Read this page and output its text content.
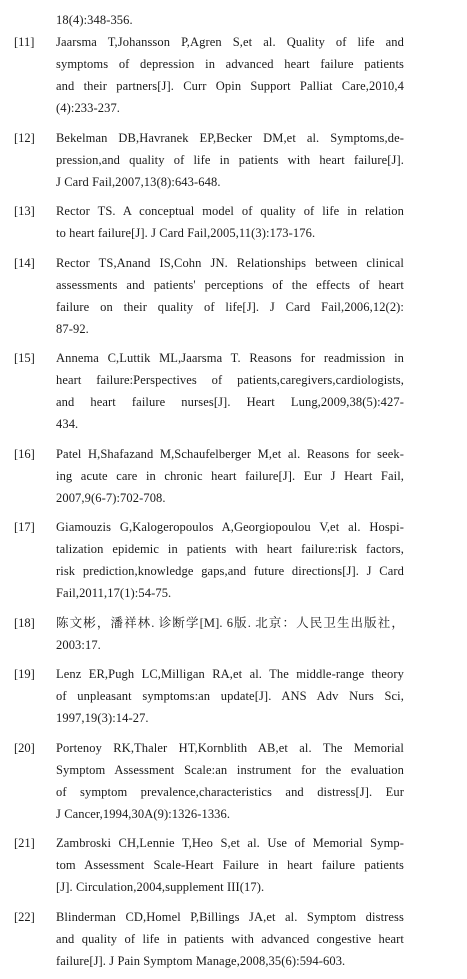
18(4):348-356.
[11] Jaarsma T,Johansson P,Agren S,et al. Quality of life and
symptoms of depression in advanced heart failure patients
and their partners[J]. Curr Opin Support Palliat Care,2010,4
(4):233-237.
[12] Bekelman DB,Havranek EP,Becker DM,et al. Symptoms,de-
pression,and quality of life in patients with heart failure[J].
J Card Fail,2007,13(8):643-648.
[13] Rector TS. A conceptual model of quality of life in relation
to heart failure[J]. J Card Fail,2005,11(3):173-176.
[14] Rector TS,Anand IS,Cohn JN. Relationships between clinical
assessments and patients' perceptions of the effects of heart
failure on their quality of life[J]. J Card Fail,2006,12(2):
87-92.
[15] Annema C,Luttik ML,Jaarsma T. Reasons for readmission in
heart failure:Perspectives of patients,caregivers,cardiologists,
and heart failure nurses[J]. Heart Lung,2009,38(5):427-
434.
[16] Patel H,Shafazand M,Schaufelberger M,et al. Reasons for seek-
ing acute care in chronic heart failure[J]. Eur J Heart Fail,
2007,9(6-7):702-708.
[17] Giamouzis G,Kalogeropoulos A,Georgiopoulou V,et al. Hospi-
talization epidemic in patients with heart failure:risk factors,
risk prediction,knowledge gaps,and future directions[J]. J Card
Fail,2011,17(1):54-75.
[18] 陈文彬，潘祥林. 诊断学[M]. 6版. 北京：人民卫生出版社，
2003:17.
[19] Lenz ER,Pugh LC,Milligan RA,et al. The middle-range theory
of unpleasant symptoms:an update[J]. ANS Adv Nurs Sci,
1997,19(3):14-27.
[20] Portenoy RK,Thaler HT,Kornblith AB,et al. The Memorial
Symptom Assessment Scale:an instrument for the evaluation
of symptom prevalence,characteristics and distress[J]. Eur
J Cancer,1994,30A(9):1326-1336.
[21] Zambroski CH,Lennie T,Heo S,et al. Use of Memorial Symp-
tom Assessment Scale-Heart Failure in heart failure patients
[J]. Circulation,2004,supplement III(17).
[22] Blinderman CD,Homel P,Billings JA,et al. Symptom distress
and quality of life in patients with advanced congestive heart
failure[J]. J Pain Symptom Manage,2008,35(6):594-603.
